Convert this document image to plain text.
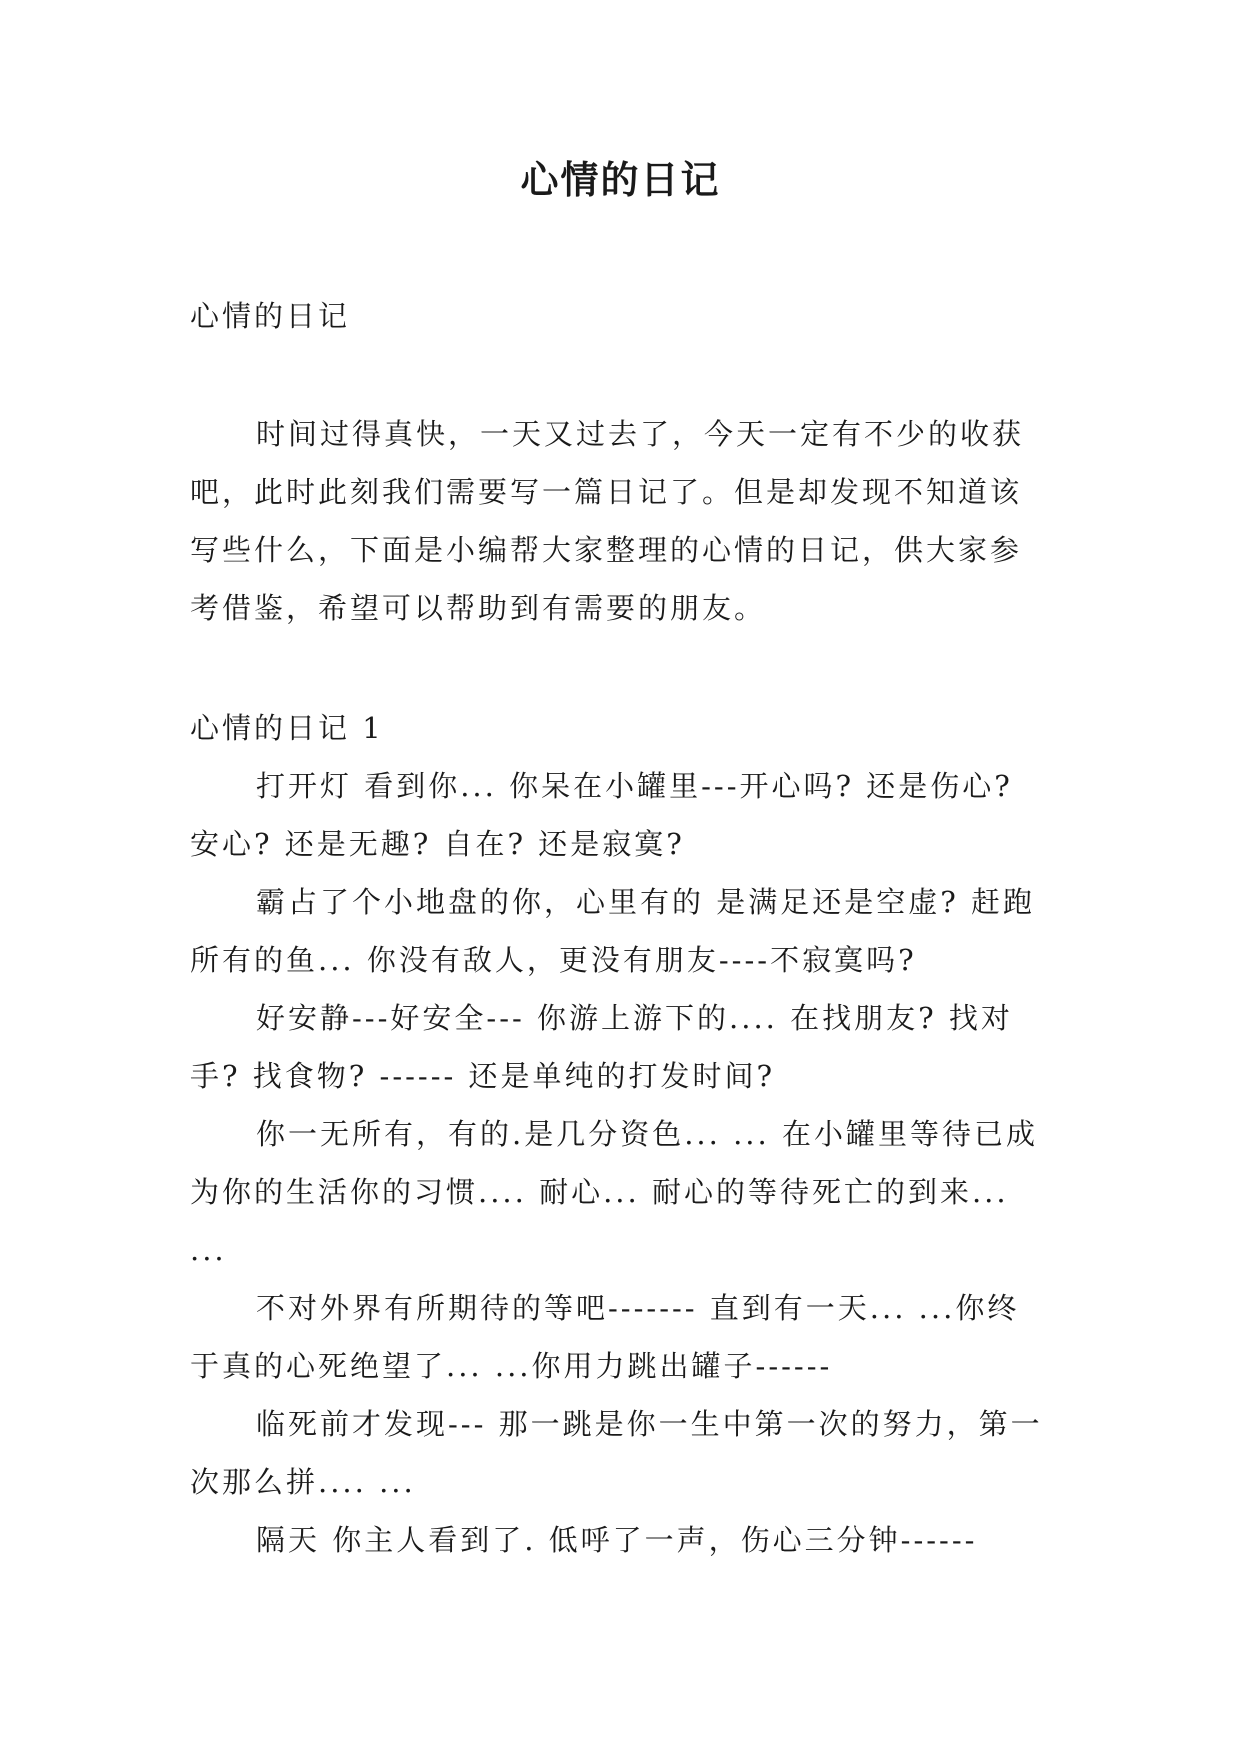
心情的日记

心情的日记

时间过得真快，一天又过去了，今天一定有不少的收获吧，此时此刻我们需要写一篇日记了。但是却发现不知道该写些什么，下面是小编帮大家整理的心情的日记，供大家参考借鉴，希望可以帮助到有需要的朋友。

心情的日记 1

打开灯 看到你... 你呆在小罐里---开心吗? 还是伤心? 安心? 还是无趣? 自在? 还是寂寞?

霸占了个小地盘的你，心里有的 是满足还是空虚? 赶跑所有的鱼... 你没有敌人，更没有朋友----不寂寞吗?

好安静---好安全--- 你游上游下的.... 在找朋友? 找对手? 找食物? ------ 还是单纯的打发时间?

你一无所有，有的.是几分资色... ... 在小罐里等待已成为你的生活你的习惯.... 耐心... 耐心的等待死亡的到来... ...

不对外界有所期待的等吧------- 直到有一天... ...你终于真的心死绝望了... ...你用力跳出罐子------

临死前才发现--- 那一跳是你一生中第一次的努力，第一次那么拼.... ...

隔天 你主人看到了. 低呼了一声，伤心三分钟------
